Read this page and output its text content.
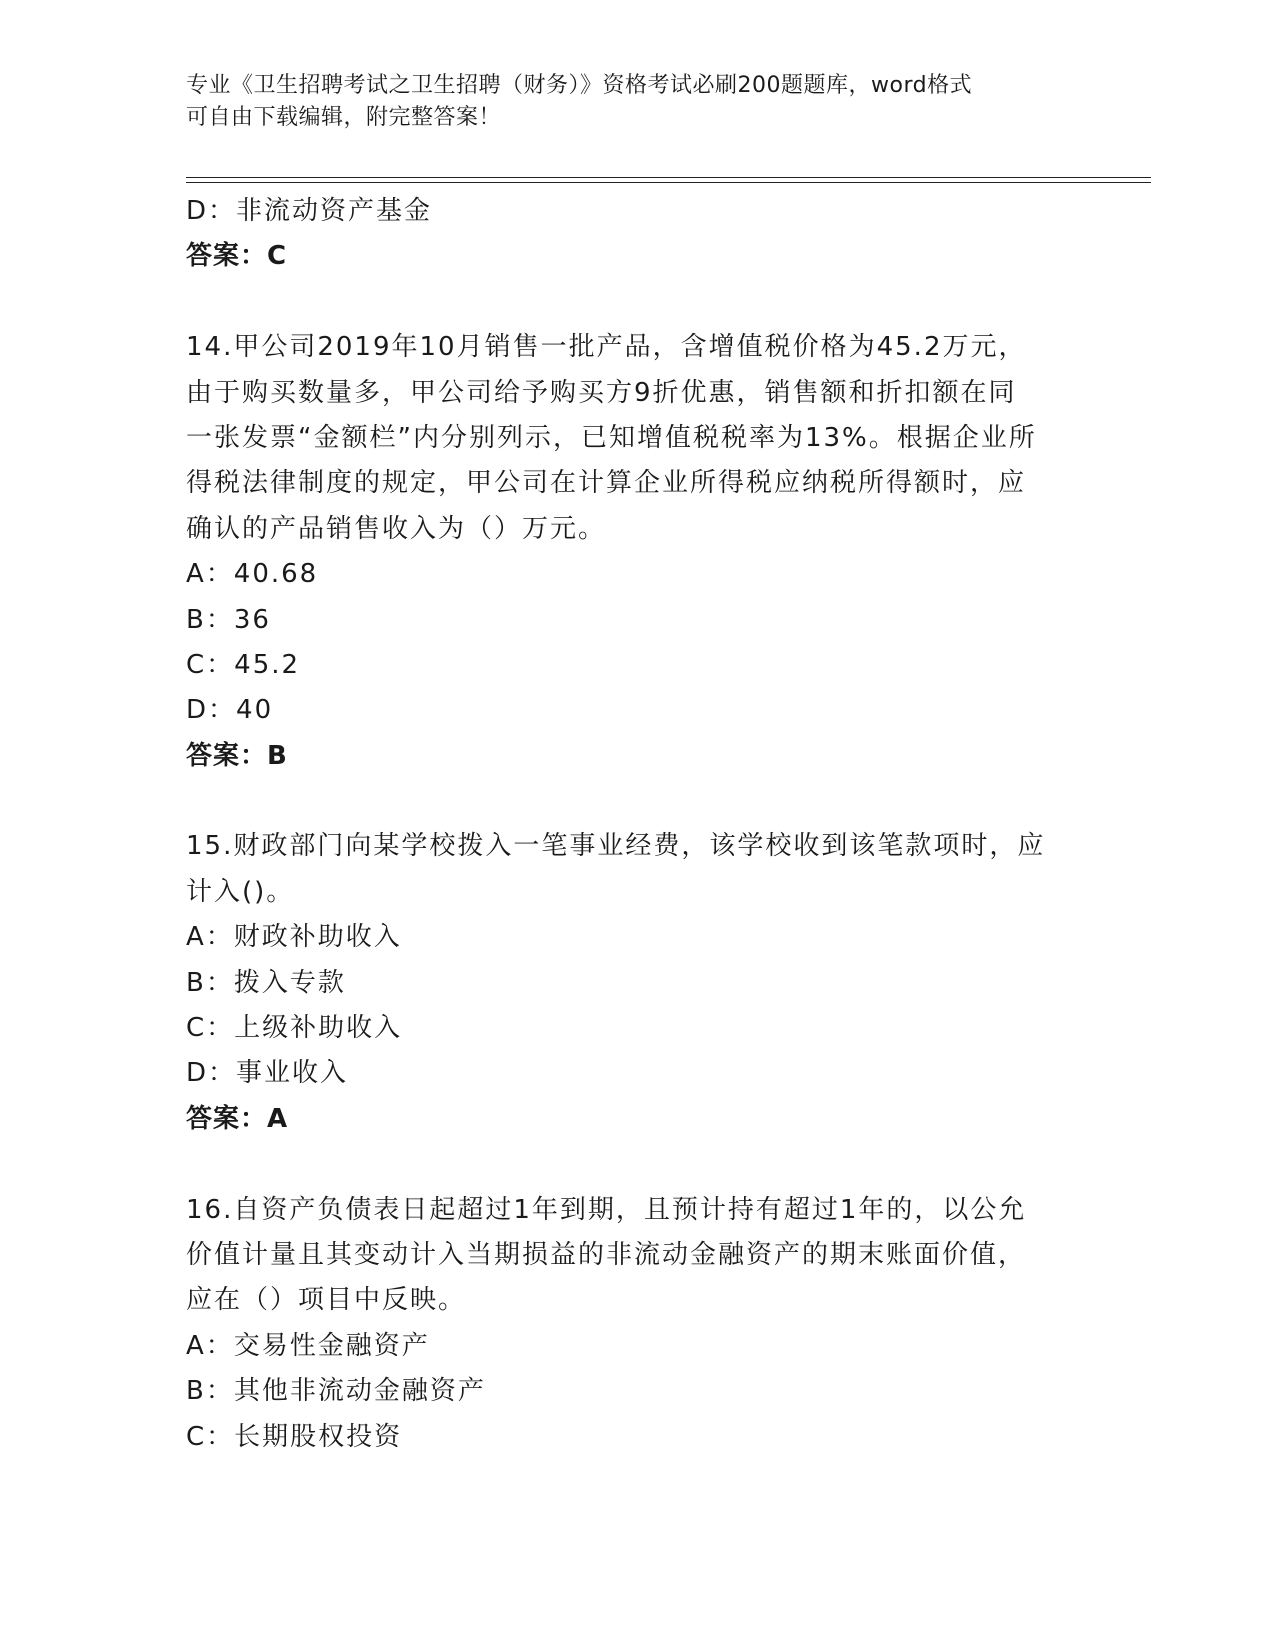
专业《卫生招聘考试之卫生招聘（财务）》资格考试必刷200题题库，word格式
可自由下载编辑，附完整答案！
D：非流动资产基金
答案：C
14.甲公司2019年10月销售一批产品，含增值税价格为45.2万元，
由于购买数量多，甲公司给予购买方9折优惠，销售额和折扣额在同
一张发票“金额栏”内分别列示，已知增值税税率为13%。根据企业所
得税法律制度的规定，甲公司在计算企业所得税应纳税所得额时，应
确认的产品销售收入为（）万元。
A：40.68
B：36
C：45.2
D：40
答案：B
15.财政部门向某学校拨入一笔事业经费，该学校收到该笔款项时，应
计入()。
A：财政补助收入
B：拨入专款
C：上级补助收入
D：事业收入
答案：A
16.自资产负债表日起超过1年到期，且预计持有超过1年的，以公允
价值计量且其变动计入当期损益的非流动金融资产的期末账面价值，
应在（）项目中反映。
A：交易性金融资产
B：其他非流动金融资产
C：长期股权投资
